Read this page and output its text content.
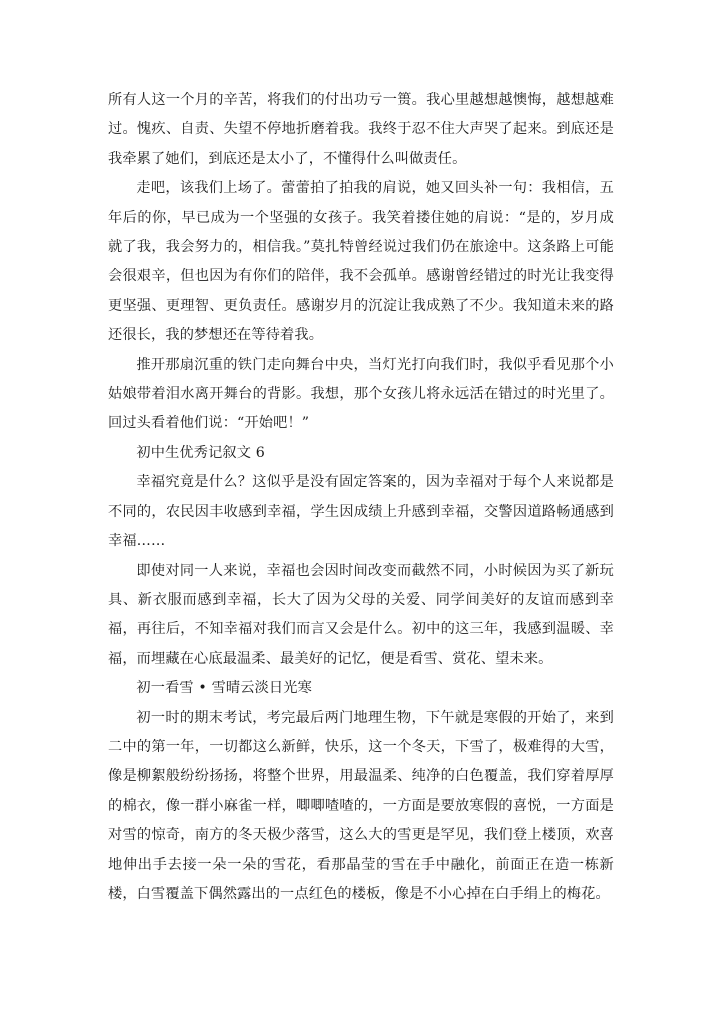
所有人这一个月的辛苦，将我们的付出功亏一篑。我心里越想越懊悔，越想越难过。愧疚、自责、失望不停地折磨着我。我终于忍不住大声哭了起来。到底还是我牵累了她们，到底还是太小了，不懂得什么叫做责任。

走吧，该我们上场了。蕾蕾拍了拍我的肩说，她又回头补一句：我相信，五年后的你，早已成为一个坚强的女孩子。我笑着搂住她的肩说：“是的，岁月成就了我，我会努力的，相信我。”莫扎特曾经说过我们仍在旅途中。这条路上可能会很艰辛，但也因为有你们的陪伴，我不会孤单。感谢曾经错过的时光让我变得更坚强、更理智、更负责任。感谢岁月的沉淀让我成熟了不少。我知道未来的路还很长，我的梦想还在等待着我。

推开那扇沉重的铁门走向舞台中央，当灯光打向我们时，我似乎看见那个小姑娘带着泪水离开舞台的背影。我想，那个女孩儿将永远活在错过的时光里了。回过头看着他们说：“开始吧！”

初中生优秀记叙文 6

幸福究竟是什么？这似乎是没有固定答案的，因为幸福对于每个人来说都是不同的，农民因丰收感到幸福，学生因成绩上升感到幸福，交警因道路畅通感到幸福……

即使对同一人来说，幸福也会因时间改变而截然不同，小时候因为买了新玩具、新衣服而感到幸福，长大了因为父母的关爱、同学间美好的友谊而感到幸福，再往后，不知幸福对我们而言又会是什么。初中的这三年，我感到温暖、幸福，而埋藏在心底最温柔、最美好的记忆，便是看雪、赏花、望未来。

初一看雪 • 雪晴云淡日光寒

初一时的期末考试，考完最后两门地理生物，下午就是寒假的开始了，来到二中的第一年，一切都这么新鲜，快乐，这一个冬天，下雪了，极难得的大雪，像是柳絮般纷纷扬扬，将整个世界，用最温柔、纯净的白色覆盖，我们穿着厚厚的棉衣，像一群小麻雀一样，唧唧喳喳的，一方面是要放寒假的喜悦，一方面是对雪的惊奇，南方的冬天极少落雪，这么大的雪更是罕见，我们登上楼顶，欢喜地伸出手去接一朵一朵的雪花，看那晶莹的雪在手中融化，前面正在造一栋新楼，白雪覆盖下偶然露出的一点红色的楼板，像是不小心掉在白手绢上的梅花。
